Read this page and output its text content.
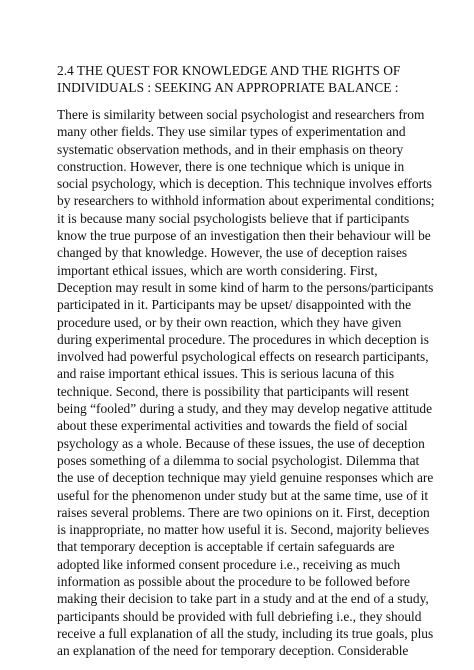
2.4 THE QUEST FOR KNOWLEDGE AND THE RIGHTS OF
INDIVIDUALS : SEEKING AN APPROPRIATE BALANCE :
There is similarity between social psychologist and researchers from
many other fields. They use similar types of experimentation and
systematic observation methods, and in their emphasis on theory
construction. However, there is one technique which is unique in
social psychology, which is deception. This technique involves efforts
by researchers to withhold information about experimental conditions;
it is because many social psychologists believe that if participants
know the true purpose of an investigation then their behaviour will be
changed by that knowledge. However, the use of deception raises
important ethical issues, which are worth considering. First,
Deception may result in some kind of harm to the persons/participants
participated in it. Participants may be upset/ disappointed with the
procedure used, or by their own reaction, which they have given
during experimental procedure. The procedures in which deception is
involved had powerful psychological effects on research participants,
and raise important ethical issues. This is serious lacuna of this
technique. Second, there is possibility that participants will resent
being “fooled” during a study, and they may develop negative attitude
about these experimental activities and towards the field of social
psychology as a whole. Because of these issues, the use of deception
poses something of a dilemma to social psychologist. Dilemma that
the use of deception technique may yield genuine responses which are
useful for the phenomenon under study but at the same time, use of it
raises several problems. There are two opinions on it. First, deception
is inappropriate, no matter how useful it is. Second, majority believes
that temporary deception is acceptable if certain safeguards are
adopted like informed consent procedure i.e., receiving as much
information as possible about the procedure to be followed before
making their decision to take part in a study and at the end of a study,
participants should be provided with full debriefing i.e., they should
receive a full explanation of all the study, including its true goals, plus
an explanation of the need for temporary deception. Considerable
